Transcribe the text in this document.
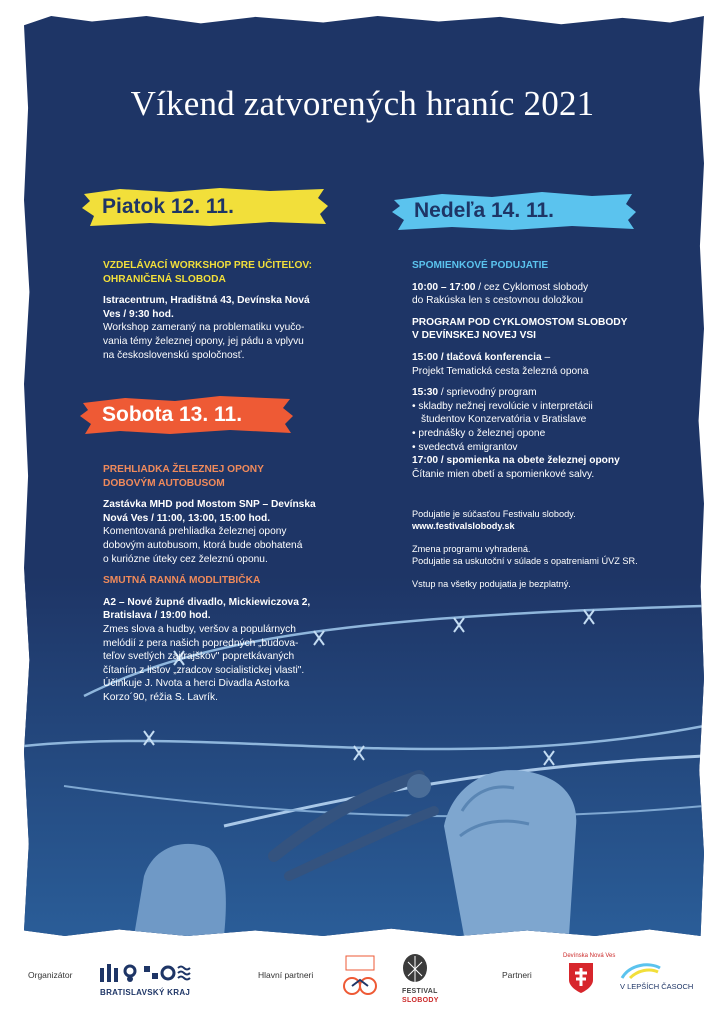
Víkend zatvorených hraníc 2021
Piatok 12. 11.	Nedeľa 14. 11.
Sobota 13. 11.
VZDELÁVACÍ WORKSHOP PRE UČITEĽOV:
OHRANIČENÁ SLOBODA
Istracentrum, Hradištná 43, Devínska Nová
Ves / 9:30 hod.
Workshop zameraný na problematiku vyučo-
vania témy železnej opony, jej pádu a vplyvu
na československú spoločnosť.
PREHLIADKA ŽELEZNEJ OPONY
DOBOVÝM AUTOBUSOM
Zastávka MHD pod Mostom SNP – Devínska
Nová Ves / 11:00, 13:00, 15:00 hod.
Komentovaná prehliadka železnej opony
dobovým autobusom, ktorá bude obohatená
o kuriózne úteky cez železnú oponu.
SMUTNÁ RANNÁ MODLITBIČKA
A2 – Nové župné divadlo, Mickiewiczova 2,
Bratislava / 19:00 hod.
Zmes slova a hudby, veršov a populárnych
melódií z pera našich popredných „budova-
teľov svetlých zajtrajškov" popretkávaných
čítaním z listov „zradcov socialistickej vlasti".
Účinkuje J. Nvota a herci Divadla Astorka
Korzo´90, réžia S. Lavrík.
SPOMIENKOVÉ PODUJATIE
10:00 – 17:00 / cez Cyklomost slobody
do Rakúska len s cestovnou doložkou
PROGRAM POD CYKLOMOSTOM SLOBODY
V DEVÍNSKEJ NOVEJ VSI
15:00 / tlačová konferencia –
Projekt Tematická cesta železná opona
15:30 / sprievodný program
• skladby nežnej revolúcie v interpretácii
študentov Konzervatória v Bratislave
• prednášky o železnej opone
• svedectvá emigrantov
17:00 / spomienka na obete železnej opony
Čítanie mien obetí a spomienkové salvy.
Podujatie je súčasťou Festivalu slobody.
www.festivalslobody.sk
Zmena programu vyhradená.
Podujatie sa uskutoční v súlade s opatreniami ÚVZ SR.
Vstup na všetky podujatia je bezplatný.
Organizátor
BRATISLAVSKÝ KRAJ
Hlavní partneri
FESTIVAL
SLOBODY
Partneri
Devínska Nová Ves
V LEPŠÍCH ČASOCH
